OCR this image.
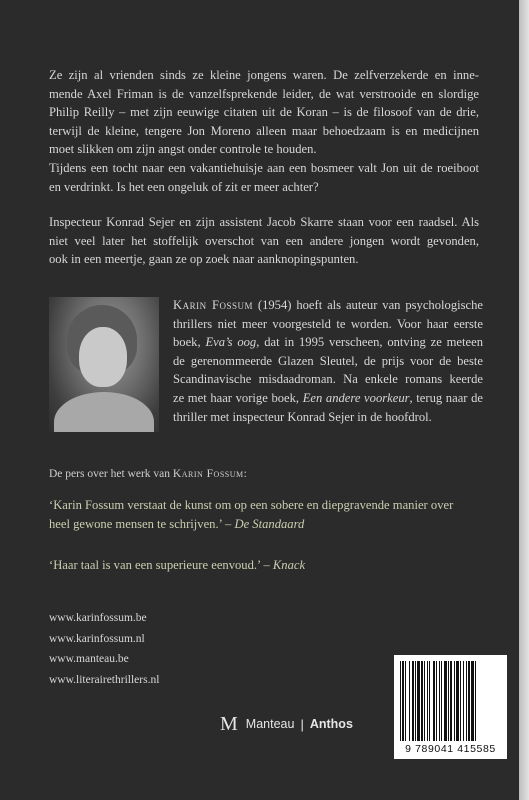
Ze zijn al vrienden sinds ze kleine jongens waren. De zelfverzekerde en inne-
mende Axel Friman is de vanzelfsprekende leider, de wat verstrooide en slordige
Philip Reilly – met zijn eeuwige citaten uit de Koran – is de filosoof van de drie,
terwijl de kleine, tengere Jon Moreno alleen maar behoedzaam is en medicijnen
moet slikken om zijn angst onder controle te houden.
Tijdens een tocht naar een vakantiehuisje aan een bosmeer valt Jon uit de roeiboot
en verdrinkt. Is het een ongeluk of zit er meer achter?

Inspecteur Konrad Sejer en zijn assistent Jacob Skarre staan voor een raadsel. Als
niet veel later het stoffelijk overschot van een andere jongen wordt gevonden,
ook in een meertje, gaan ze op zoek naar aanknopingspunten.

Karin Fossum (1954) hoeft als auteur van psychologische
thrillers niet meer voorgesteld te worden. Voor haar eerste
boek, Eva’s oog, dat in 1995 verscheen, ontving ze meteen
de gerenommeerde Glazen Sleutel, de prijs voor de beste
Scandinavische misdaadroman. Na enkele romans keerde
ze met haar vorige boek, Een andere voorkeur, terug naar de
thriller met inspecteur Konrad Sejer in de hoofdrol.
De pers over het werk van Karin Fossum:
‘Karin Fossum verstaat de kunst om op een sobere en diepgravende manier over
heel gewone mensen te schrijven.’ – De Standaard
‘Haar taal is van een superieure eenvoud.’ – Knack
www.karinfossum.be
www.karinfossum.nl
www.manteau.be
www.literairethrillers.nl
M Manteau | Anthos
9 789041 415585
